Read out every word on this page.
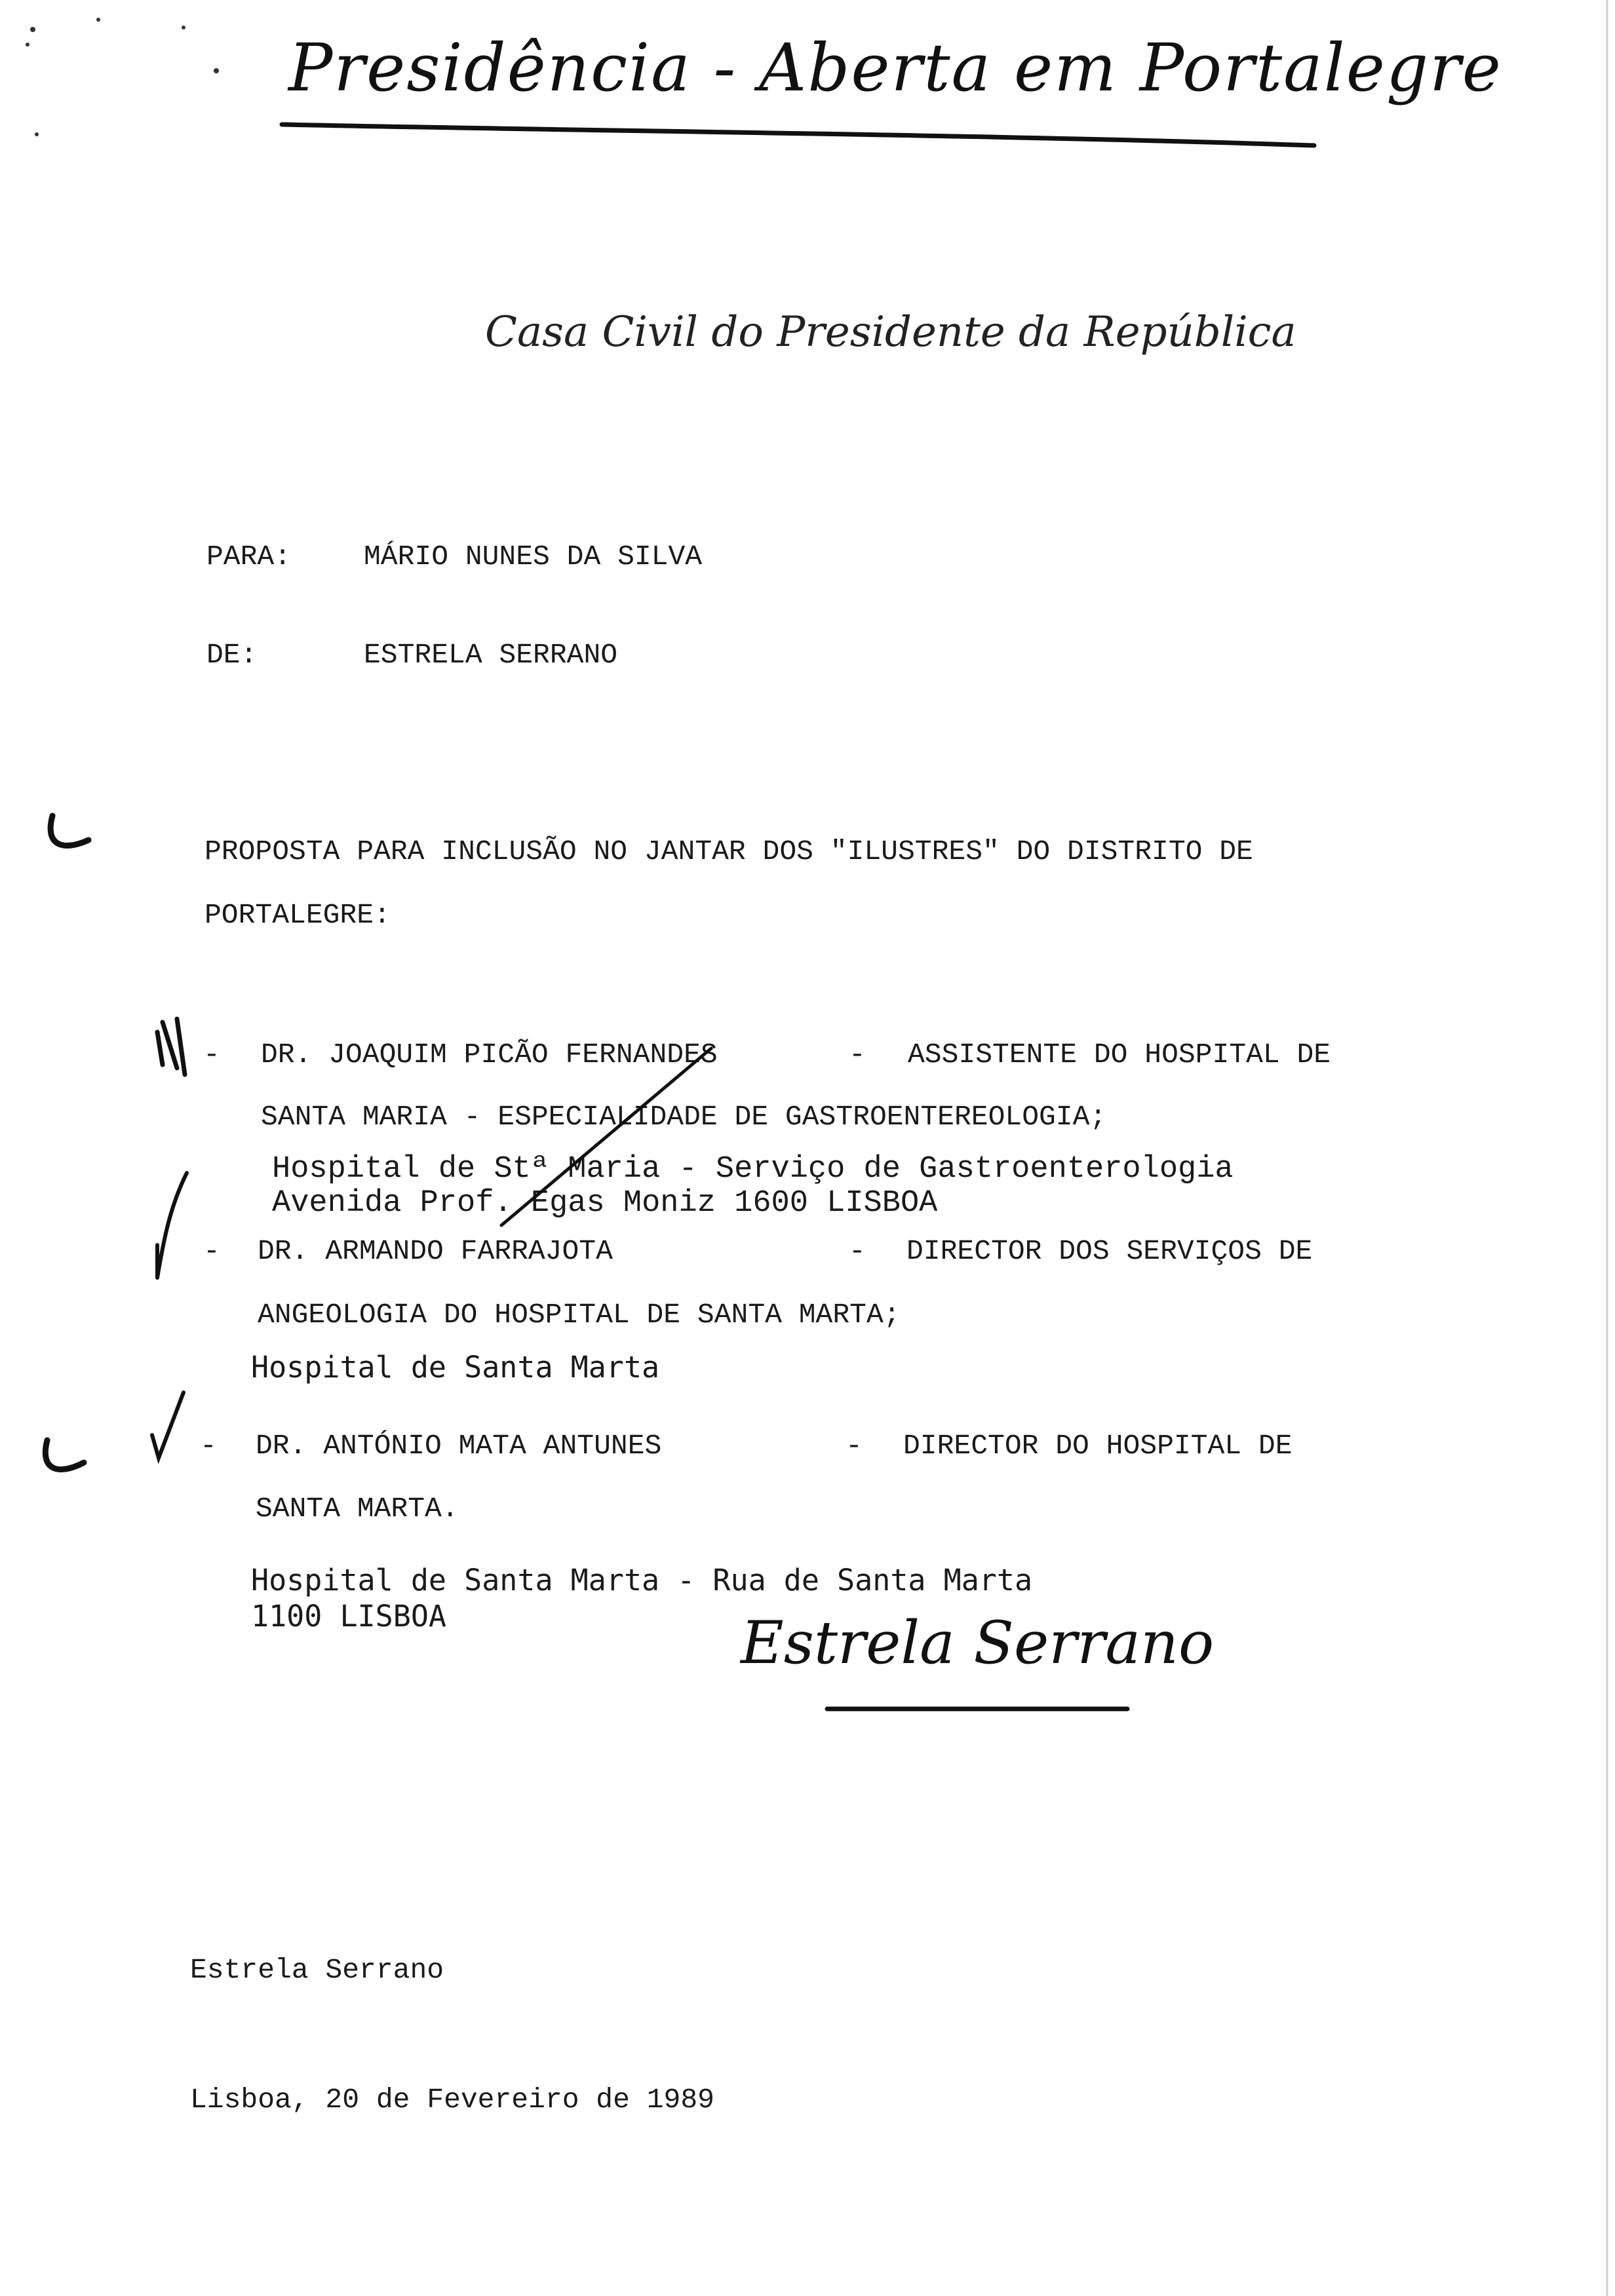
Presidência - Aberta em Portalegre
Casa Civil do Presidente da República
PARA:	MÁRIO NUNES DA SILVA
DE:	ESTRELA SERRANO
PROPOSTA PARA INCLUSÃO NO JANTAR DOS "ILUSTRES" DO DISTRITO DE
PORTALEGRE:
- DR. JOAQUIM PICÃO FERNANDES	- ASSISTENTE DO HOSPITAL DE
SANTA MARIA - ESPECIALIDADE DE GASTROENTEREOLOGIA;
Hospital de Stª Maria - Serviço de Gastroenterologia
Avenida Prof. Egas Moniz 1600 LISBOA
- DR. ARMANDO FARRAJOTA	- DIRECTOR DOS SERVIÇOS DE
ANGEOLOGIA DO HOSPITAL DE SANTA MARTA;
Hospital de Santa Marta
- DR. ANTÓNIO MATA ANTUNES	- DIRECTOR DO HOSPITAL DE
SANTA MARTA.
Hospital de Santa Marta - Rua de Santa Marta
1100 LISBOA	Estrela Serrano
Estrela Serrano
Lisboa, 20 de Fevereiro de 1989
